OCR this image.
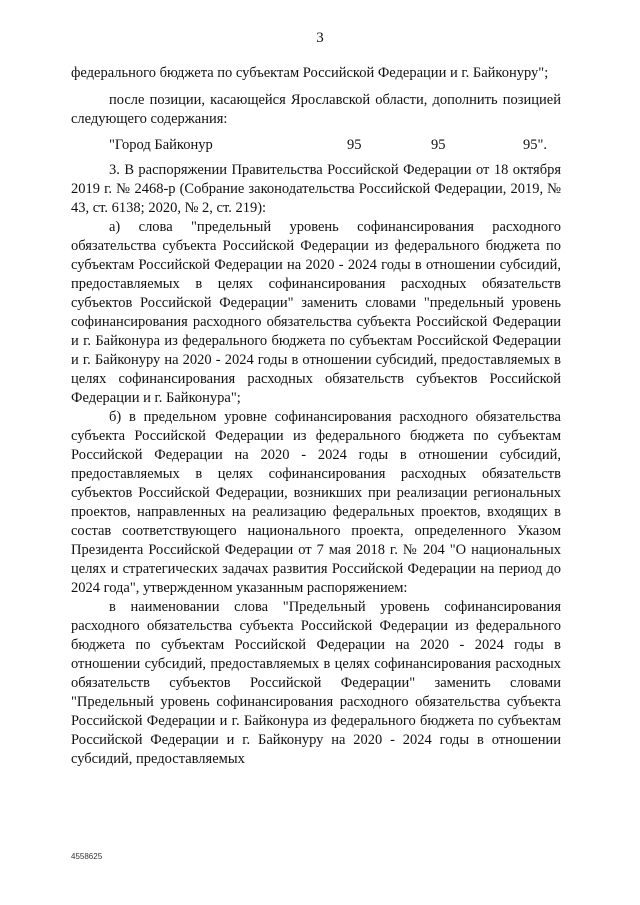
3

федерального бюджета по субъектам Российской Федерации и г. Байконуру";

после позиции, касающейся Ярославской области, дополнить позицией следующего содержания:

"Город Байконур	95	95	95".

3. В распоряжении Правительства Российской Федерации от 18 октября 2019 г. № 2468-р (Собрание законодательства Российской Федерации, 2019, № 43, ст. 6138; 2020, № 2, ст. 219):

а) слова "предельный уровень софинансирования расходного обязательства субъекта Российской Федерации из федерального бюджета по субъектам Российской Федерации на 2020 - 2024 годы в отношении субсидий, предоставляемых в целях софинансирования расходных обязательств субъектов Российской Федерации" заменить словами "предельный уровень софинансирования расходного обязательства субъекта Российской Федерации и г. Байконура из федерального бюджета по субъектам Российской Федерации и г. Байконуру на 2020 - 2024 годы в отношении субсидий, предоставляемых в целях софинансирования расходных обязательств субъектов Российской Федерации и г. Байконура";

б) в предельном уровне софинансирования расходного обязательства субъекта Российской Федерации из федерального бюджета по субъектам Российской Федерации на 2020 - 2024 годы в отношении субсидий, предоставляемых в целях софинансирования расходных обязательств субъектов Российской Федерации, возникших при реализации региональных проектов, направленных на реализацию федеральных проектов, входящих в состав соответствующего национального проекта, определенного Указом Президента Российской Федерации от 7 мая 2018 г. № 204 "О национальных целях и стратегических задачах развития Российской Федерации на период до 2024 года", утвержденном указанным распоряжением:

в наименовании слова "Предельный уровень софинансирования расходного обязательства субъекта Российской Федерации из федерального бюджета по субъектам Российской Федерации на 2020 - 2024 годы в отношении субсидий, предоставляемых в целях софинансирования расходных обязательств субъектов Российской Федерации" заменить словами "Предельный уровень софинансирования расходного обязательства субъекта Российской Федерации и г. Байконура из федерального бюджета по субъектам Российской Федерации и г. Байконуру на 2020 - 2024 годы в отношении субсидий, предоставляемых

4558625
